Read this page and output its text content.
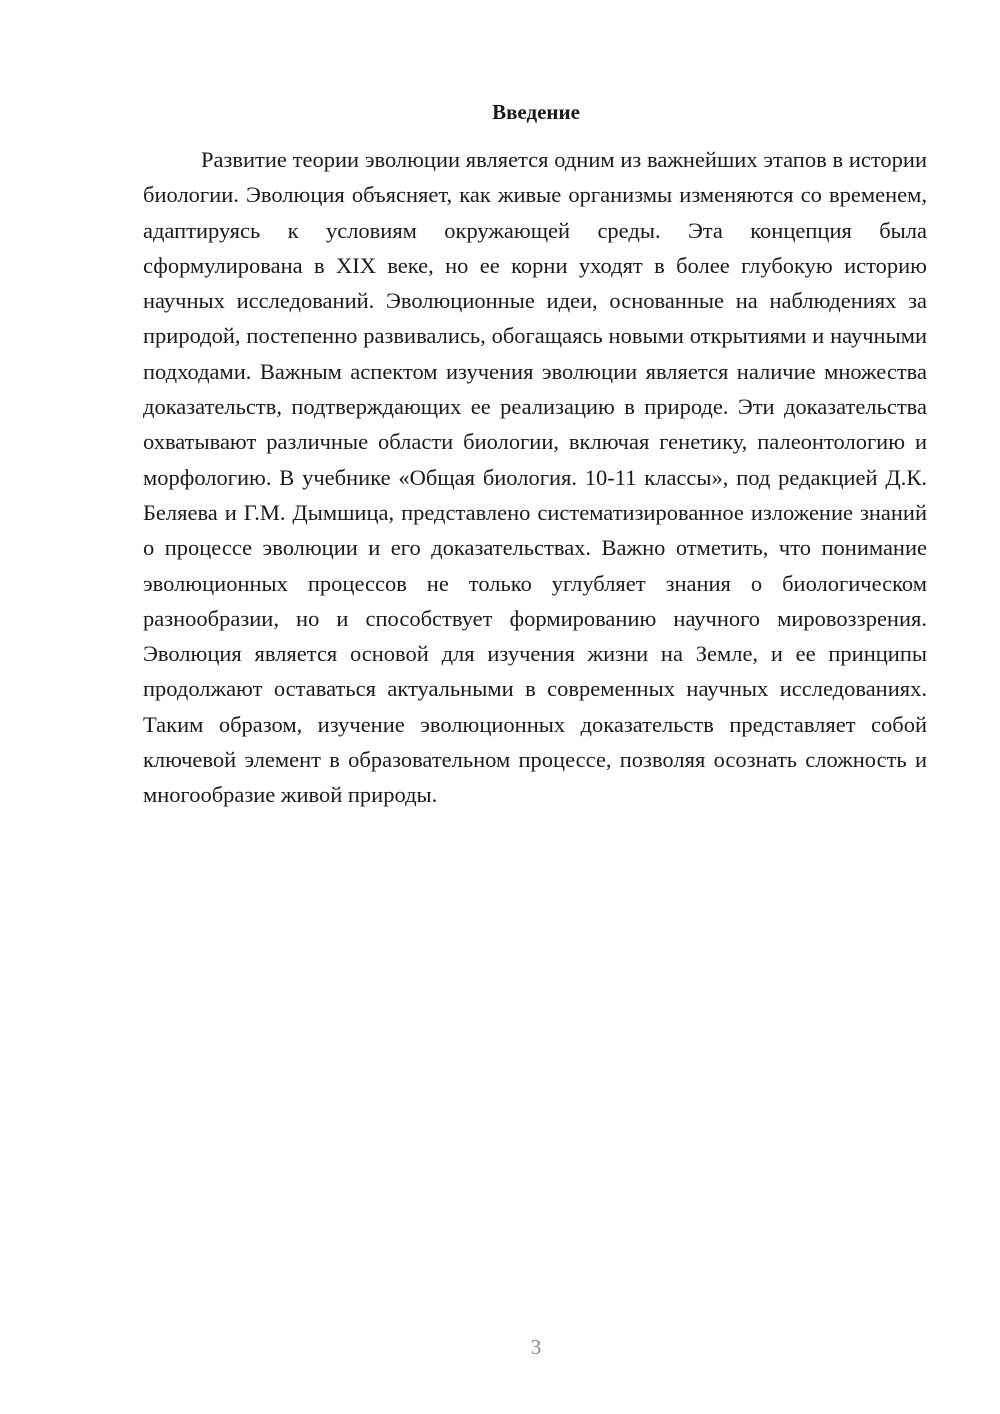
Введение

Развитие теории эволюции является одним из важнейших этапов в истории биологии. Эволюция объясняет, как живые организмы изменяются со временем, адаптируясь к условиям окружающей среды. Эта концепция была сформулирована в XIX веке, но ее корни уходят в более глубокую историю научных исследований. Эволюционные идеи, основанные на наблюдениях за природой, постепенно развивались, обогащаясь новыми открытиями и научными подходами. Важным аспектом изучения эволюции является наличие множества доказательств, подтверждающих ее реализацию в природе. Эти доказательства охватывают различные области биологии, включая генетику, палеонтологию и морфологию. В учебнике «Общая биология. 10-11 классы», под редакцией Д.К. Беляева и Г.М. Дымшица, представлено систематизированное изложение знаний о процессе эволюции и его доказательствах. Важно отметить, что понимание эволюционных процессов не только углубляет знания о биологическом разнообразии, но и способствует формированию научного мировоззрения. Эволюция является основой для изучения жизни на Земле, и ее принципы продолжают оставаться актуальными в современных научных исследованиях. Таким образом, изучение эволюционных доказательств представляет собой ключевой элемент в образовательном процессе, позволяя осознать сложность и многообразие живой природы.

3
